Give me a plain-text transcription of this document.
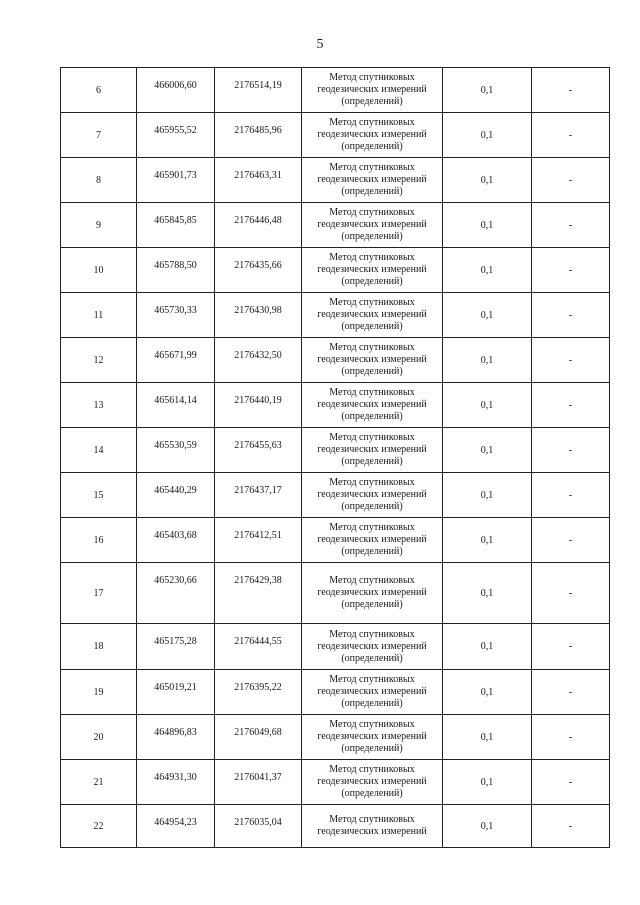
5
6	466006,60	2176514,19	Метод спутниковых
геодезических измерений
(определений)	0,1	-
7	465955,52	2176485,96	Метод спутниковых
геодезических измерений
(определений)	0,1	-
8	465901,73	2176463,31	Метод спутниковых
геодезических измерений
(определений)	0,1	-
9	465845,85	2176446,48	Метод спутниковых
геодезических измерений
(определений)	0,1	-
10	465788,50	2176435,66	Метод спутниковых
геодезических измерений
(определений)	0,1	-
11	465730,33	2176430,98	Метод спутниковых
геодезических измерений
(определений)	0,1	-
12	465671,99	2176432,50	Метод спутниковых
геодезических измерений
(определений)	0,1	-
13	465614,14	2176440,19	Метод спутниковых
геодезических измерений
(определений)	0,1	-
14	465530,59	2176455,63	Метод спутниковых
геодезических измерений
(определений)	0,1	-
15	465440,29	2176437,17	Метод спутниковых
геодезических измерений
(определений)	0,1	-
16	465403,68	2176412,51	Метод спутниковых
геодезических измерений
(определений)	0,1	-
17	465230,66	2176429,38	Метод спутниковых
геодезических измерений
(определений)	0,1	-
18	465175,28	2176444,55	Метод спутниковых
геодезических измерений
(определений)	0,1	-
19	465019,21	2176395,22	Метод спутниковых
геодезических измерений
(определений)	0,1	-
20	464896,83	2176049,68	Метод спутниковых
геодезических измерений
(определений)	0,1	-
21	464931,30	2176041,37	Метод спутниковых
геодезических измерений
(определений)	0,1	-
22	464954,23	2176035,04	Метод спутниковых
геодезических измерений	0,1	-
